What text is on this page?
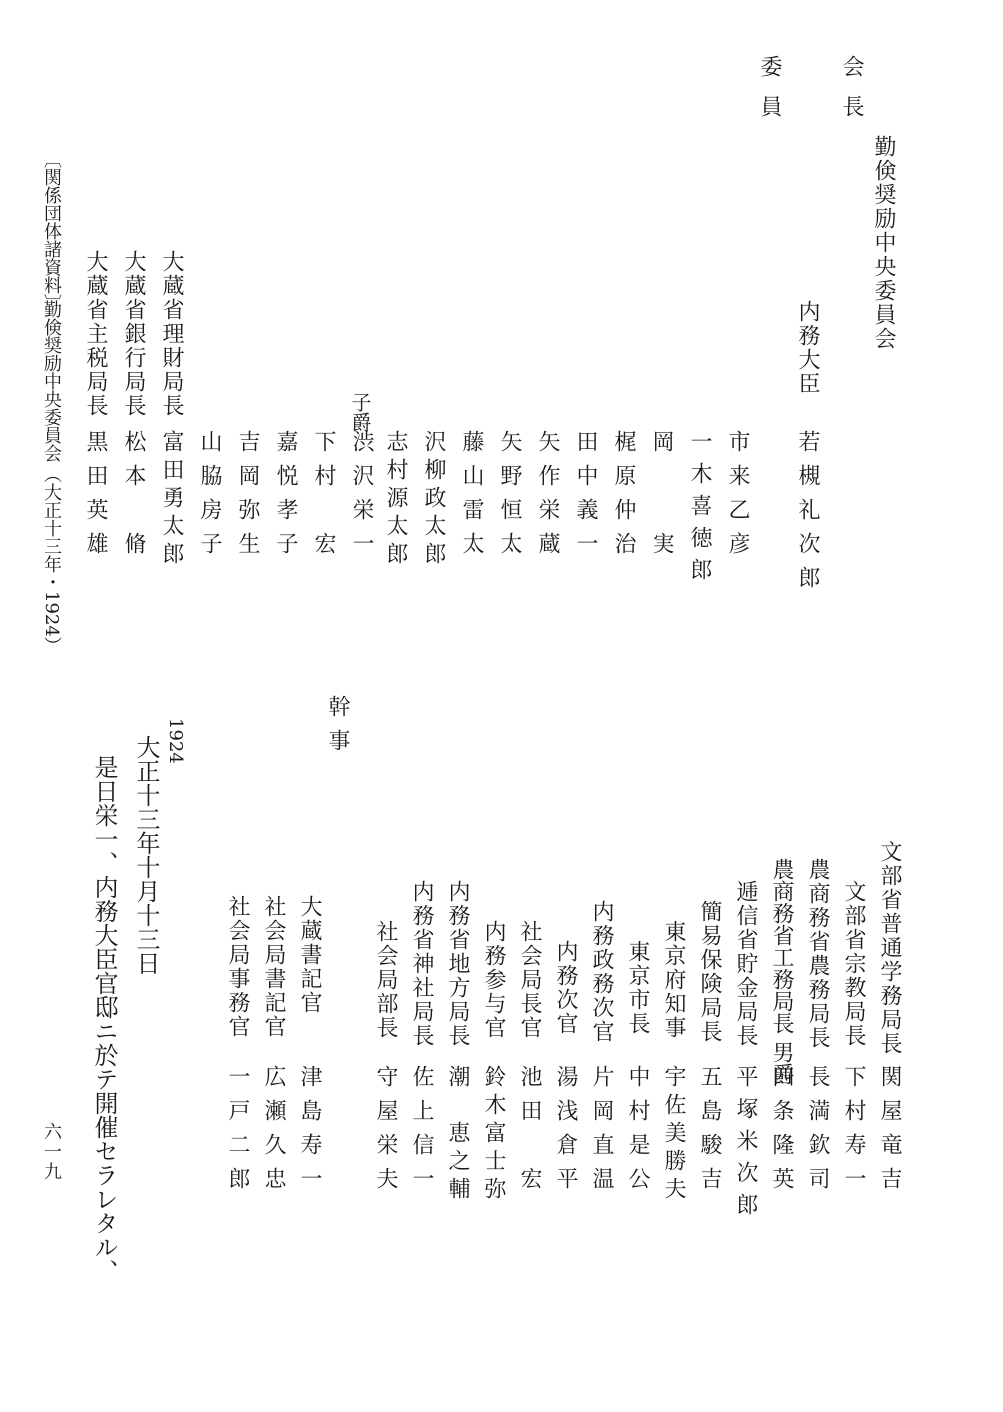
会長
委員
勤倹奨励中央委員会
内務大臣
若槻礼次郎
市来乙彦
一木喜徳郎
岡　　実
梶原仲治
田中義一
矢作栄蔵
矢野恒太
藤山雷太
沢柳政太郎
志村源太郎
子爵
渋沢栄一
下村　宏
嘉悦孝子
吉岡弥生
山脇房子
大蔵省理財局長
富田勇太郎
大蔵省銀行局長
松本　脩
大蔵省主税局長
黒田英雄
〔関係団体諸資料〕
勤倹奨励中央委員会
（大正十三年・1924）
幹事
文部省普通学務局長
関屋竜吉
文部省宗教局長
下村寿一
農商務省農務局長
長満欽司
農商務省工務局長 男爵
四条隆英
逓信省貯金局長
平塚米次郎
簡易保険局長
五島駿吉
東京府知事
宇佐美勝夫
東京市長
中村是公
内務政務次官
片岡直温
内務次官
湯浅倉平
社会局長官
池田　宏
内務参与官
鈴木富士弥
内務省地方局長
潮　恵之輔
内務省神社局長
佐上信一
社会局部長
守屋栄夫
大蔵書記官
津島寿一
社会局書記官
広瀬久忠
社会局事務官
一戸二郎
1924
大正十三年十月十三日
是日栄一、内務大臣官邸ニ於テ開催セラレタル、
六一九
